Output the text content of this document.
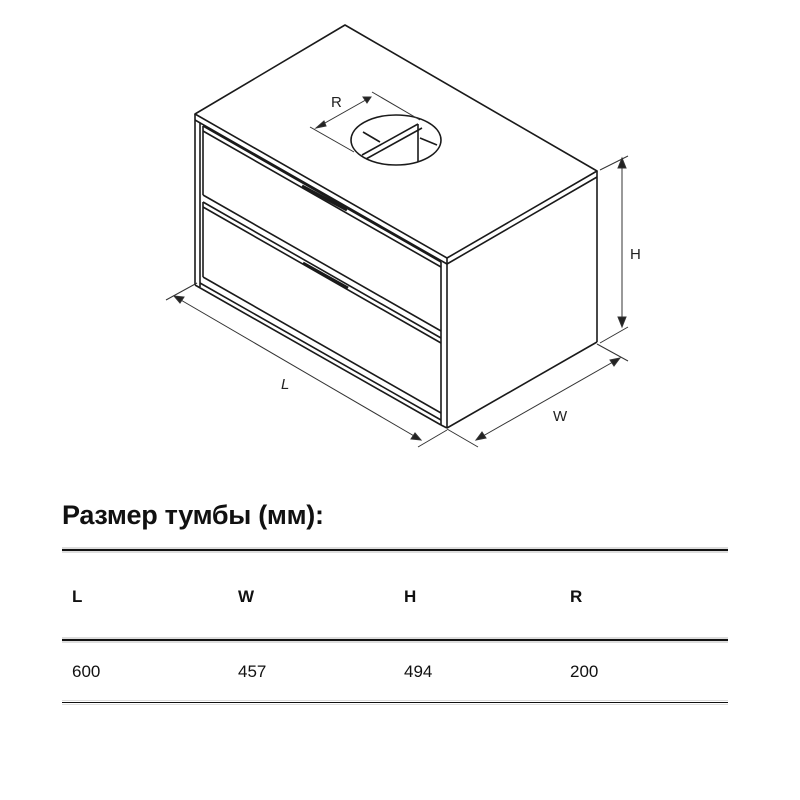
R
H
L
W
Размер тумбы (мм):
L	W	H	R
600	457	494	200
